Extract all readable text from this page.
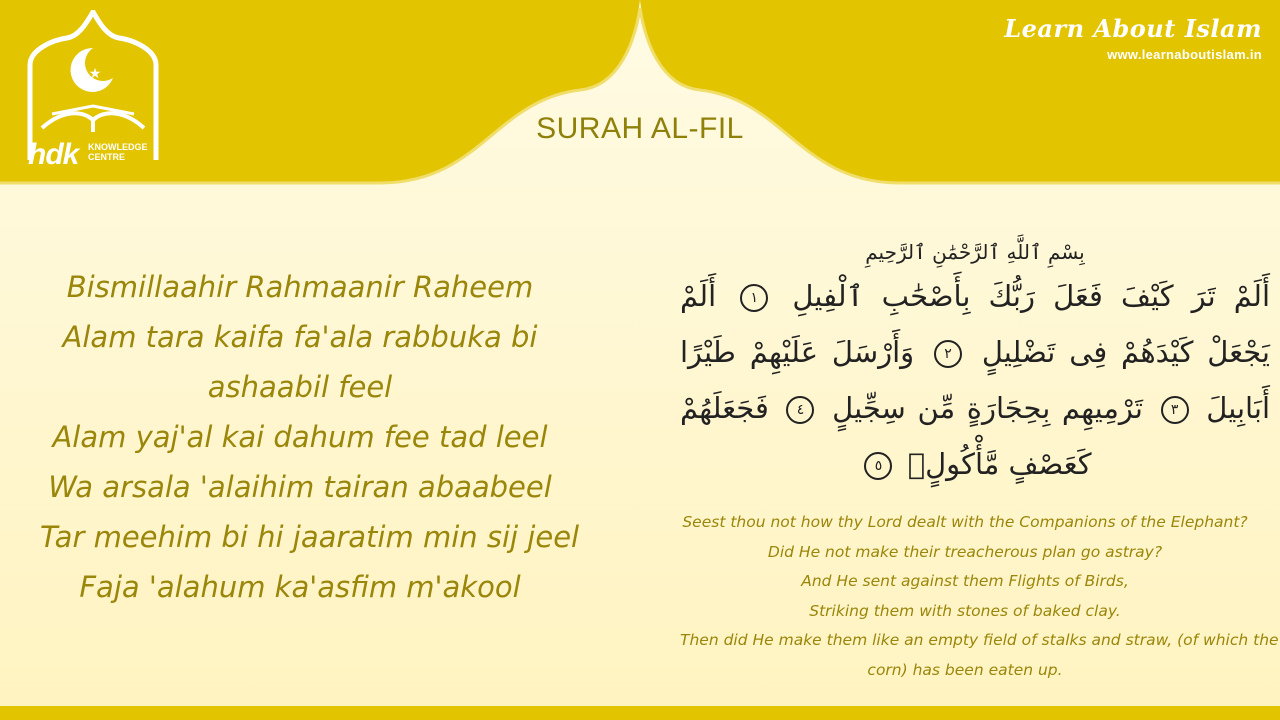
★
hdk KNOWLEDGE
CENTRE
Learn About Islam
www.learnaboutislam.in
SURAH AL-FIL
Bismillaahir Rahmaanir Raheem
Alam tara kaifa fa'ala rabbuka bi
ashaabil feel
Alam yaj'al kai dahum fee tad leel
Wa arsala 'alaihim tairan abaabeel
Tar meehim bi hi jaaratim min sij jeel
Faja 'alahum ka'asfim m'akool
بِسْمِ ٱللَّهِ ٱلرَّحْمَٰنِ ٱلرَّحِيمِ
أَلَمْ تَرَ كَيْفَ فَعَلَ رَبُّكَ بِأَصْحَٰبِ ٱلْفِيلِ ١ أَلَمْ يَجْعَلْ كَيْدَهُمْ فِى تَضْلِيلٍ ٢ وَأَرْسَلَ عَلَيْهِمْ طَيْرًا أَبَابِيلَ ٣ تَرْمِيهِم بِحِجَارَةٍ مِّن سِجِّيلٍ ٤ فَجَعَلَهُمْ كَعَصْفٍ مَّأْكُولٍۭ ٥
Seest thou not how thy Lord dealt with the Companions of the Elephant?
Did He not make their treacherous plan go astray?
And He sent against them Flights of Birds,
Striking them with stones of baked clay.
Then did He make them like an empty field of stalks and straw, (of which the
corn) has been eaten up.
